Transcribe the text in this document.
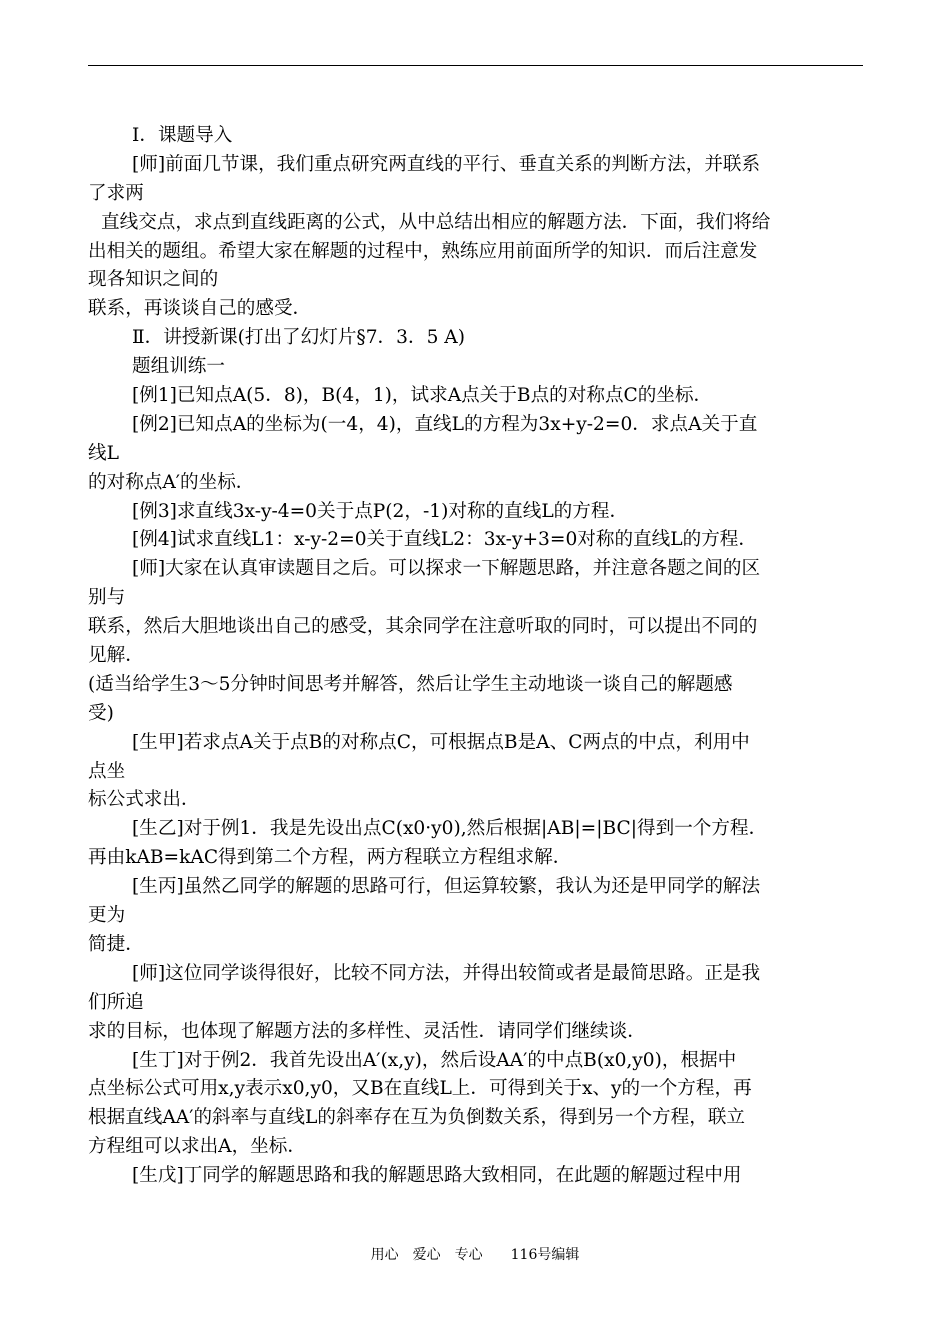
Ⅰ．课题导入
[师]前面几节课，我们重点研究两直线的平行、垂直关系的判断方法，并联系
了求两
直线交点，求点到直线距离的公式，从中总结出相应的解题方法．下面，我们将给
出相关的题组。希望大家在解题的过程中，熟练应用前面所学的知识．而后注意发
现各知识之间的
联系，再谈谈自己的感受．
Ⅱ．讲授新课(打出了幻灯片§7．3．5 A)
题组训练一
[例1]已知点A(5．8)，B(4，1)，试求A点关于B点的对称点C的坐标．
[例2]已知点A的坐标为(一4，4)，直线L的方程为3x+y-2=0．求点A关于直
线L
的对称点A′的坐标．
[例3]求直线3x-y-4=0关于点P(2，-1)对称的直线L的方程．
[例4]试求直线L1：x-y-2=0关于直线L2：3x-y+3=0对称的直线L的方程．
[师]大家在认真审读题目之后。可以探求一下解题思路，并注意各题之间的区
别与
联系，然后大胆地谈出自己的感受，其余同学在注意听取的同时，可以提出不同的
见解．
(适当给学生3～5分钟时间思考并解答，然后让学生主动地谈一谈自己的解题感
受)
[生甲]若求点A关于点B的对称点C，可根据点B是A、C两点的中点，利用中
点坐
标公式求出．
[生乙]对于例1．我是先设出点C(x0·y0),然后根据|AB|=|BC|得到一个方程．
再由kAB=kAC得到第二个方程，两方程联立方程组求解．
[生丙]虽然乙同学的解题的思路可行，但运算较繁，我认为还是甲同学的解法
更为
简捷．
[师]这位同学谈得很好，比较不同方法，并得出较简或者是最简思路。正是我
们所追
求的目标，也体现了解题方法的多样性、灵活性．请同学们继续谈．
[生丁]对于例2．我首先设出A′(x,y)，然后设AA′的中点B(x0,y0)，根据中
点坐标公式可用x,y表示x0,y0，又B在直线L上．可得到关于x、y的一个方程，再
根据直线AA′的斜率与直线L的斜率存在互为负倒数关系，得到另一个方程，联立
方程组可以求出A，坐标．
[生戊]丁同学的解题思路和我的解题思路大致相同，在此题的解题过程中用
用心　爱心　专心　　116号编辑
